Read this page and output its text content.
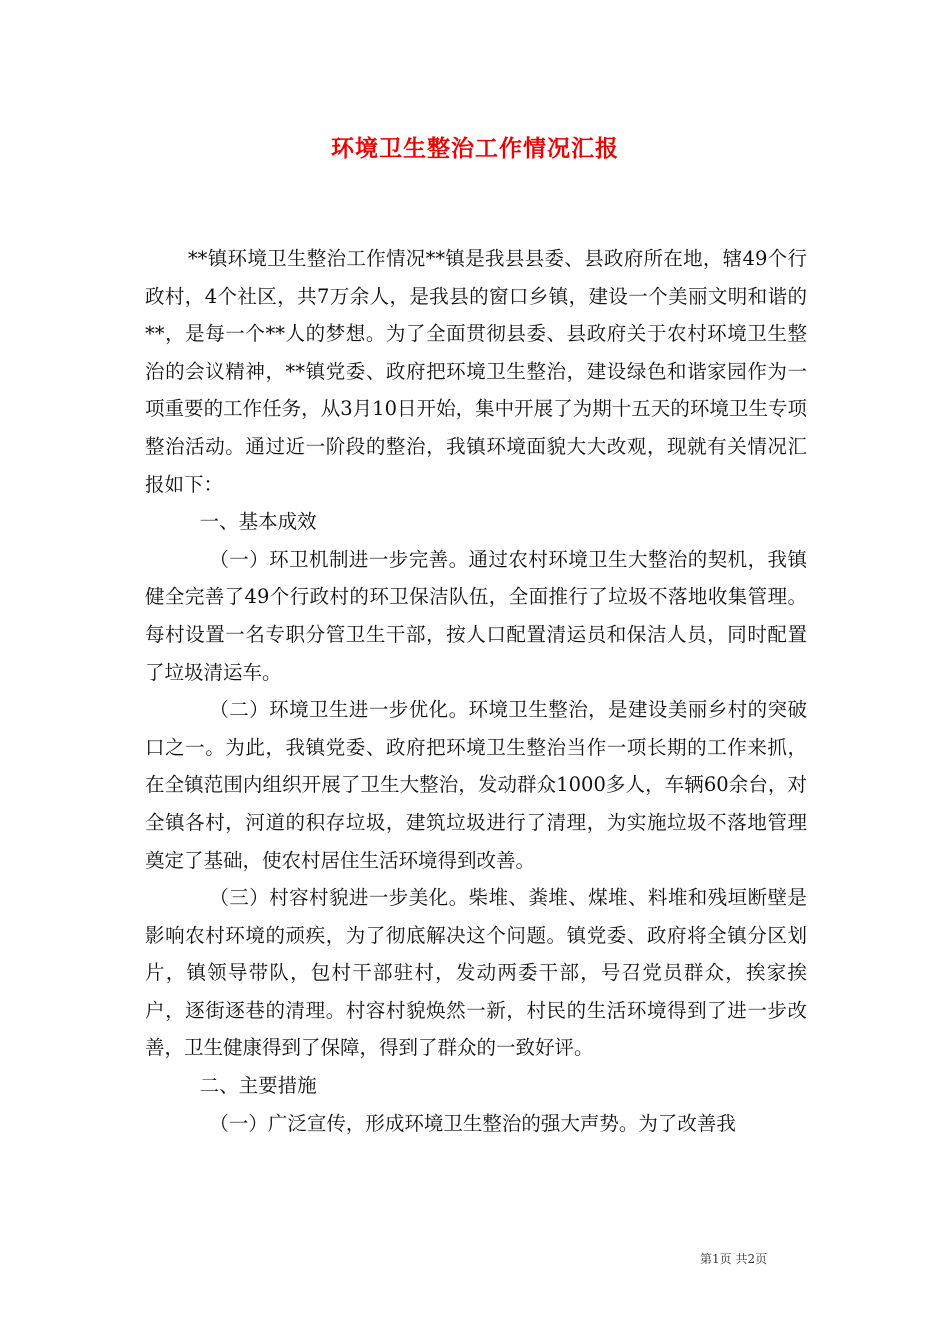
环境卫生整治工作情况汇报

**镇环境卫生整治工作情况**镇是我县县委、县政府所在地，辖49个行政村，4个社区，共7万余人，是我县的窗口乡镇，建设一个美丽文明和谐的**，是每一个**人的梦想。为了全面贯彻县委、县政府关于农村环境卫生整治的会议精神，**镇党委、政府把环境卫生整治，建设绿色和谐家园作为一项重要的工作任务，从3月10日开始，集中开展了为期十五天的环境卫生专项整治活动。通过近一阶段的整治，我镇环境面貌大大改观，现就有关情况汇报如下：

一、基本成效

（一）环卫机制进一步完善。通过农村环境卫生大整治的契机，我镇健全完善了49个行政村的环卫保洁队伍，全面推行了垃圾不落地收集管理。每村设置一名专职分管卫生干部，按人口配置清运员和保洁人员，同时配置了垃圾清运车。

（二）环境卫生进一步优化。环境卫生整治，是建设美丽乡村的突破口之一。为此，我镇党委、政府把环境卫生整治当作一项长期的工作来抓，在全镇范围内组织开展了卫生大整治，发动群众1000多人，车辆60余台，对全镇各村，河道的积存垃圾，建筑垃圾进行了清理，为实施垃圾不落地管理奠定了基础，使农村居住生活环境得到改善。

（三）村容村貌进一步美化。柴堆、粪堆、煤堆、料堆和残垣断壁是影响农村环境的顽疾，为了彻底解决这个问题。镇党委、政府将全镇分区划片，镇领导带队，包村干部驻村，发动两委干部，号召党员群众，挨家挨户，逐街逐巷的清理。村容村貌焕然一新，村民的生活环境得到了进一步改善，卫生健康得到了保障，得到了群众的一致好评。

二、主要措施

（一）广泛宣传，形成环境卫生整治的强大声势。为了改善我

第1页 共2页
